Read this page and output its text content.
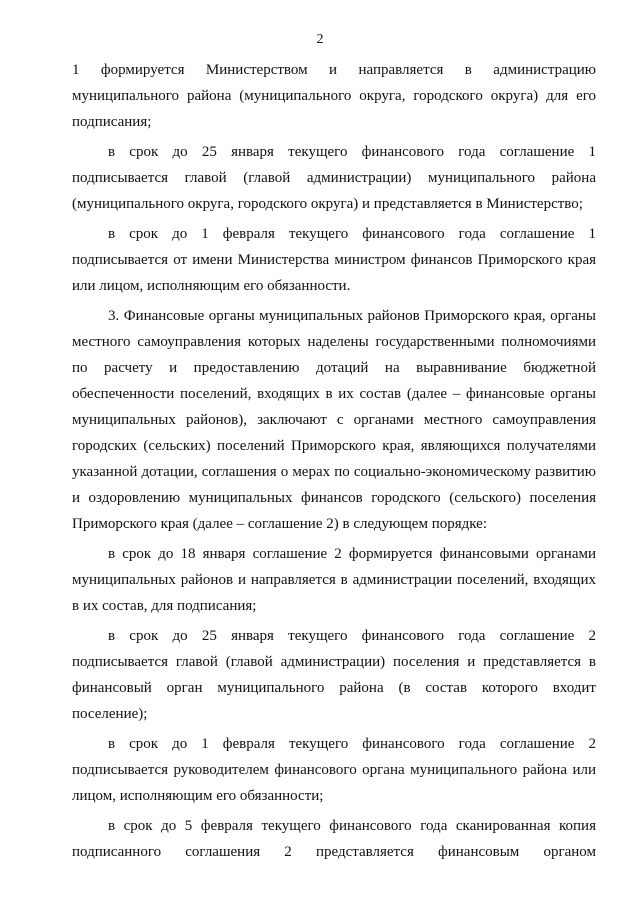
2

1 формируется Министерством и направляется в администрацию муниципального района (муниципального округа, городского округа) для его подписания;

в срок до 25 января текущего финансового года соглашение 1 подписывается главой (главой администрации) муниципального района (муниципального округа, городского округа) и представляется в Министерство;

в срок до 1 февраля текущего финансового года соглашение 1 подписывается от имени Министерства министром финансов Приморского края или лицом, исполняющим его обязанности.

3. Финансовые органы муниципальных районов Приморского края, органы местного самоуправления которых наделены государственными полномочиями по расчету и предоставлению дотаций на выравнивание бюджетной обеспеченности поселений, входящих в их состав (далее – финансовые органы муниципальных районов), заключают с органами местного самоуправления городских (сельских) поселений Приморского края, являющихся получателями указанной дотации, соглашения о мерах по социально-экономическому развитию и оздоровлению муниципальных финансов городского (сельского) поселения Приморского края (далее – соглашение 2) в следующем порядке:

в срок до 18 января соглашение 2 формируется финансовыми органами муниципальных районов и направляется в администрации поселений, входящих в их состав, для подписания;

в срок до 25 января текущего финансового года соглашение 2 подписывается главой (главой администрации) поселения и представляется в финансовый орган муниципального района (в состав которого входит поселение);

в срок до 1 февраля текущего финансового года соглашение 2 подписывается руководителем финансового органа муниципального района или лицом, исполняющим его обязанности;

в срок до 5 февраля текущего финансового года сканированная копия подписанного соглашения 2 представляется финансовым органом
